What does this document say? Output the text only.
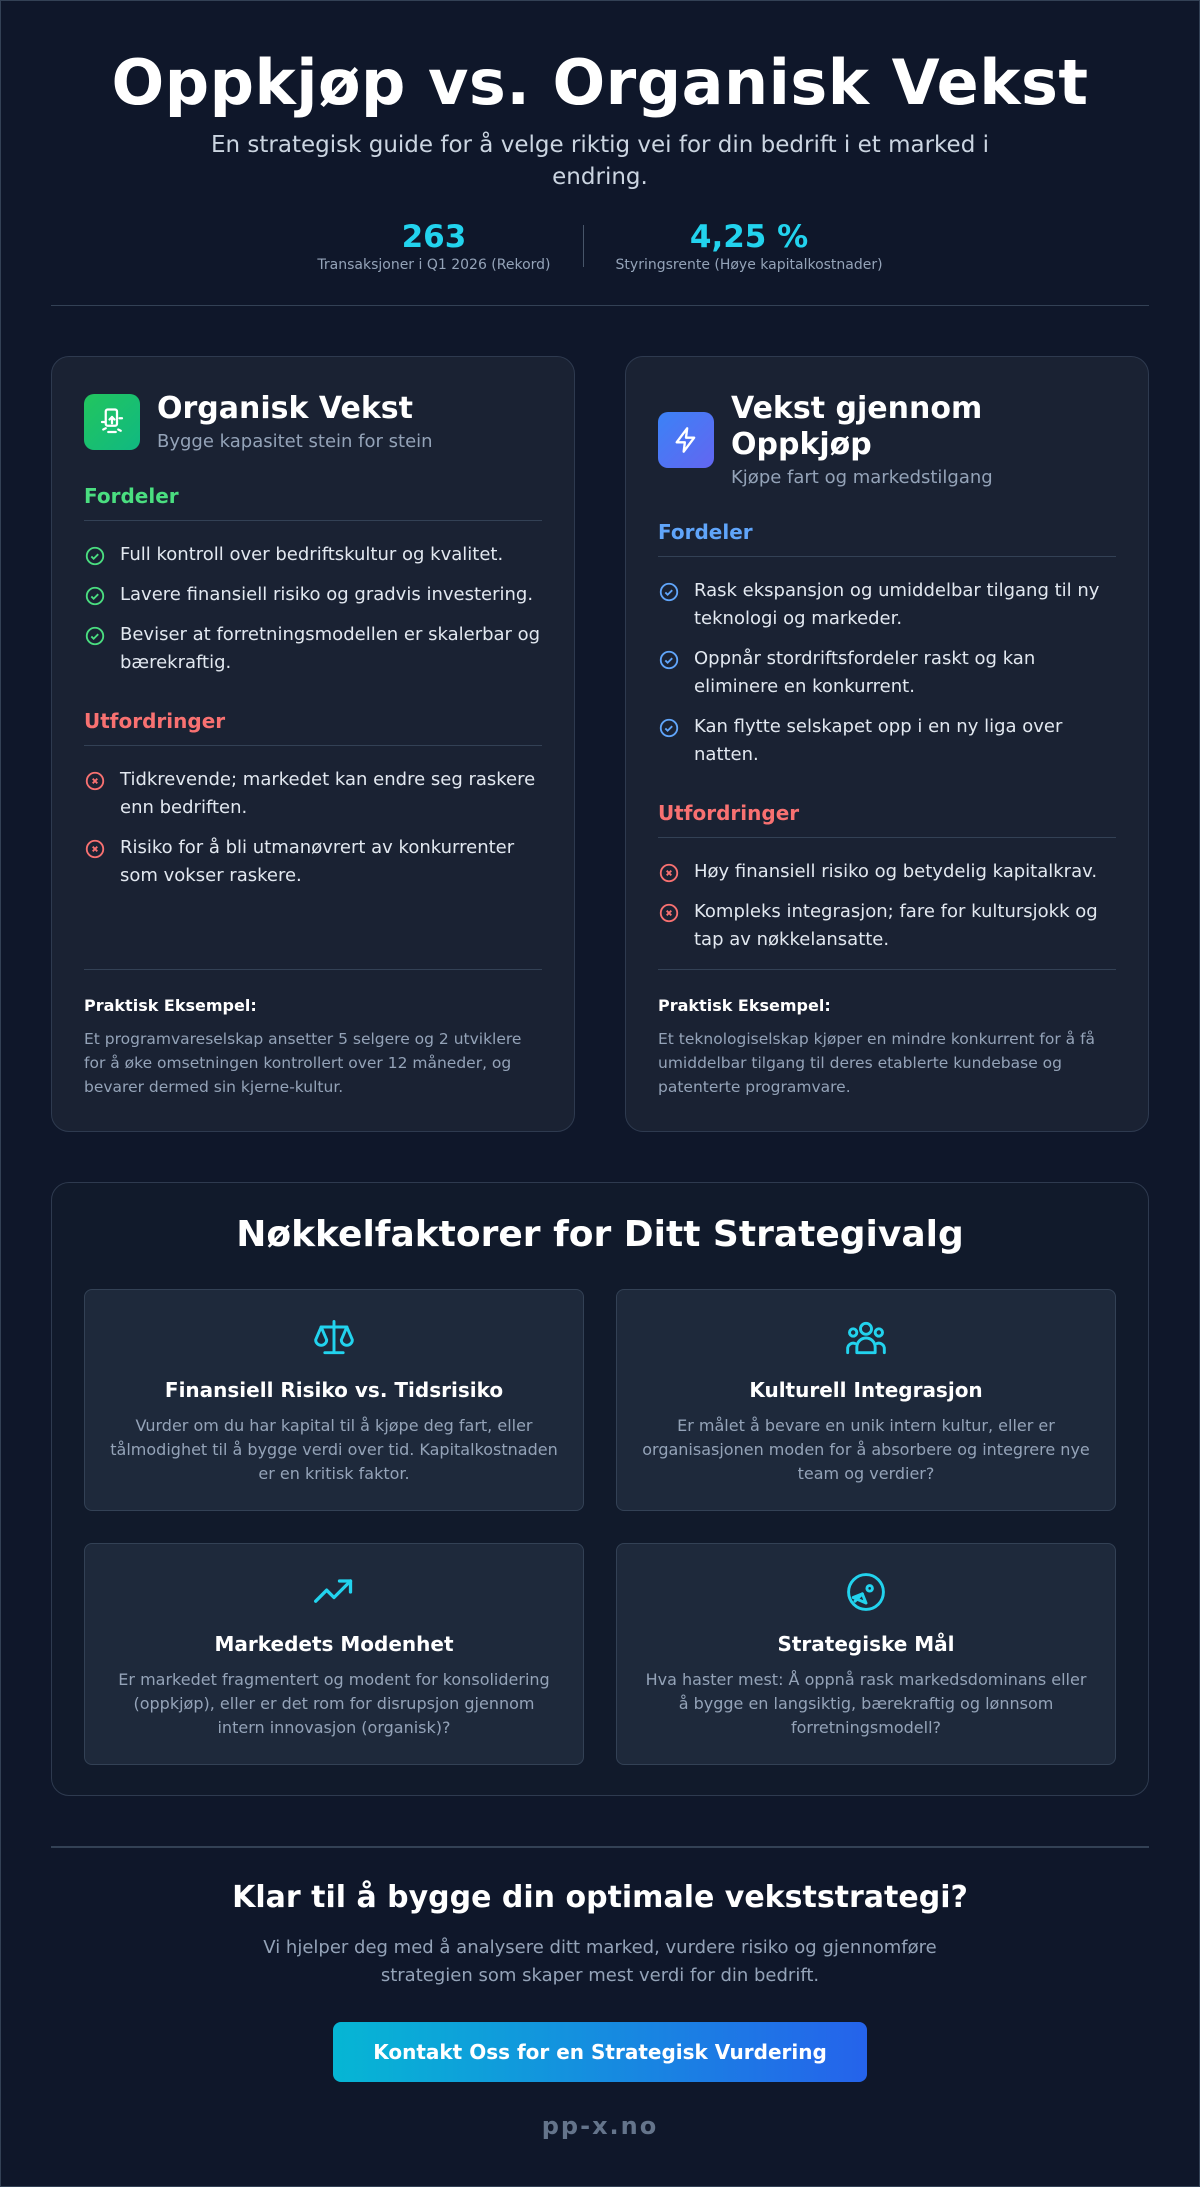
Oppkjøp vs. Organisk Vekst

En strategisk guide for å velge riktig vei for din bedrift i et marked i endring.

263
Transaksjoner i Q1 2026 (Rekord)
4,25 %
Styringsrente (Høye kapitalkostnader)
Organisk Vekst
Bygge kapasitet stein for stein
Fordeler
Full kontroll over bedriftskultur og kvalitet.
Lavere finansiell risiko og gradvis investering.
Beviser at forretningsmodellen er skalerbar og bærekraftig.
Utfordringer
Tidkrevende; markedet kan endre seg raskere enn bedriften.
Risiko for å bli utmanøvrert av konkurrenter som vokser raskere.
Praktisk Eksempel:

Et programvareselskap ansetter 5 selgere og 2 utviklere for å øke omsetningen kontrollert over 12 måneder, og bevarer dermed sin kjerne-kultur.

Vekst gjennom Oppkjøp
Kjøpe fart og markedstilgang
Fordeler
Rask ekspansjon og umiddelbar tilgang til ny teknologi og markeder.
Oppnår stordriftsfordeler raskt og kan eliminere en konkurrent.
Kan flytte selskapet opp i en ny liga over natten.
Utfordringer
Høy finansiell risiko og betydelig kapitalkrav.
Kompleks integrasjon; fare for kultursjokk og tap av nøkkelansatte.
Praktisk Eksempel:

Et teknologiselskap kjøper en mindre konkurrent for å få umiddelbar tilgang til deres etablerte kundebase og patenterte programvare.

Nøkkelfaktorer for Ditt Strategivalg
Finansiell Risiko vs. Tidsrisiko

Vurder om du har kapital til å kjøpe deg fart, eller tålmodighet til å bygge verdi over tid. Kapitalkostnaden er en kritisk faktor.

Kulturell Integrasjon

Er målet å bevare en unik intern kultur, eller er organisasjonen moden for å absorbere og integrere nye team og verdier?

Markedets Modenhet

Er markedet fragmentert og modent for konsolidering (oppkjøp), eller er det rom for disrupsjon gjennom intern innovasjon (organisk)?

Strategiske Mål

Hva haster mest: Å oppnå rask markedsdominans eller å bygge en langsiktig, bærekraftig og lønnsom forretningsmodell?

Klar til å bygge din optimale vekststrategi?

Vi hjelper deg med å analysere ditt marked, vurdere risiko og gjennomføre strategien som skaper mest verdi for din bedrift.

Kontakt Oss for en Strategisk Vurdering
pp-x.no
